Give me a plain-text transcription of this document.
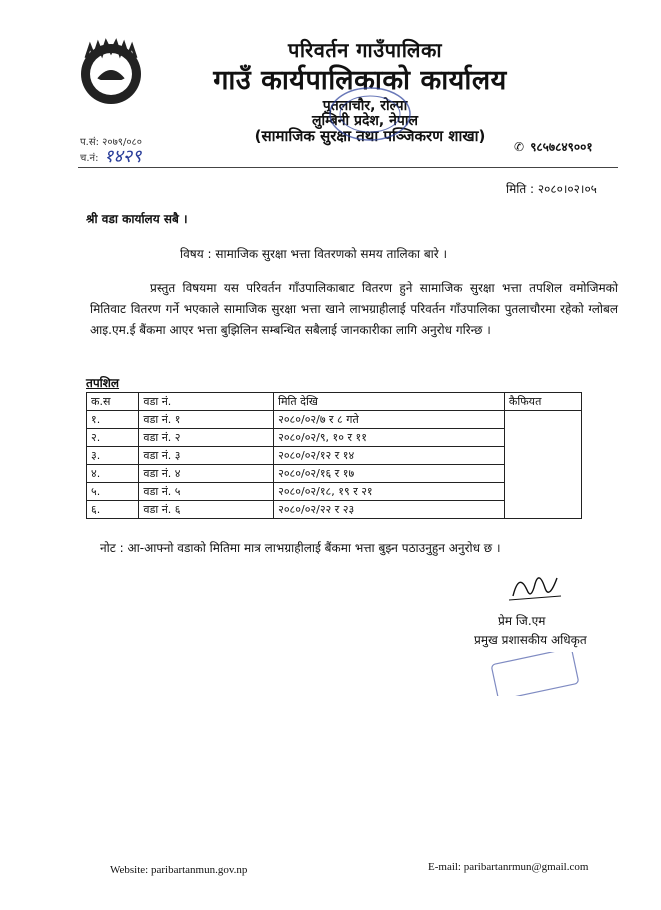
परिवर्तन गाउँपालिका
गाउँ कार्यपालिकाको कार्यालय
पुतलाचौर, रोल्पा
लुम्बिनी प्रदेश, नेपाल
(सामाजिक सुरक्षा तथा पञ्जिकरण शाखा)
✆ ९८५७८४९००१
प.सं: २०७९/०८०
च.नं: १४२९
मिति : २०८०।०२।०५
श्री वडा कार्यालय सबै ।
विषय : सामाजिक सुरक्षा भत्ता वितरणको समय तालिका बारे ।
प्रस्तुत विषयमा यस परिवर्तन गाँउपालिकाबाट वितरण हुने सामाजिक सुरक्षा भत्ता तपशिल वमोजिमको मितिवाट वितरण गर्ने भएकाले सामाजिक सुरक्षा भत्ता खाने लाभग्राहीलाई परिवर्तन गाँउपालिका पुतलाचौरमा रहेको ग्लोबल आइ.एम.ई बैंकमा आएर भत्ता बुझिलिन सम्बन्धित सबैलाई जानकारीका लागि अनुरोध गरिन्छ ।
तपशिल
क.स	वडा नं.	मिति देखि	कैफियत
१.	वडा नं. १	२०८०/०२/७ र ८ गते	
२.	वडा नं. २	२०८०/०२/९, १० र ११	
३.	वडा नं. ३	२०८०/०२/१२ र १४	
४.	वडा नं. ४	२०८०/०२/१६ र १७	
५.	वडा नं. ५	२०८०/०२/१८, १९ र २१	
६.	वडा नं. ६	२०८०/०२/२२ र २३	
नोट : आ-आफ्नो वडाको मितिमा मात्र लाभग्राहीलाई बैंकमा भत्ता बुझ्न पठाउनुहुन अनुरोध छ ।
प्रेम जि.एम
प्रमुख प्रशासकीय अधिकृत
Website: paribartanmun.gov.np	E-mail: paribartanrmun@gmail.com
